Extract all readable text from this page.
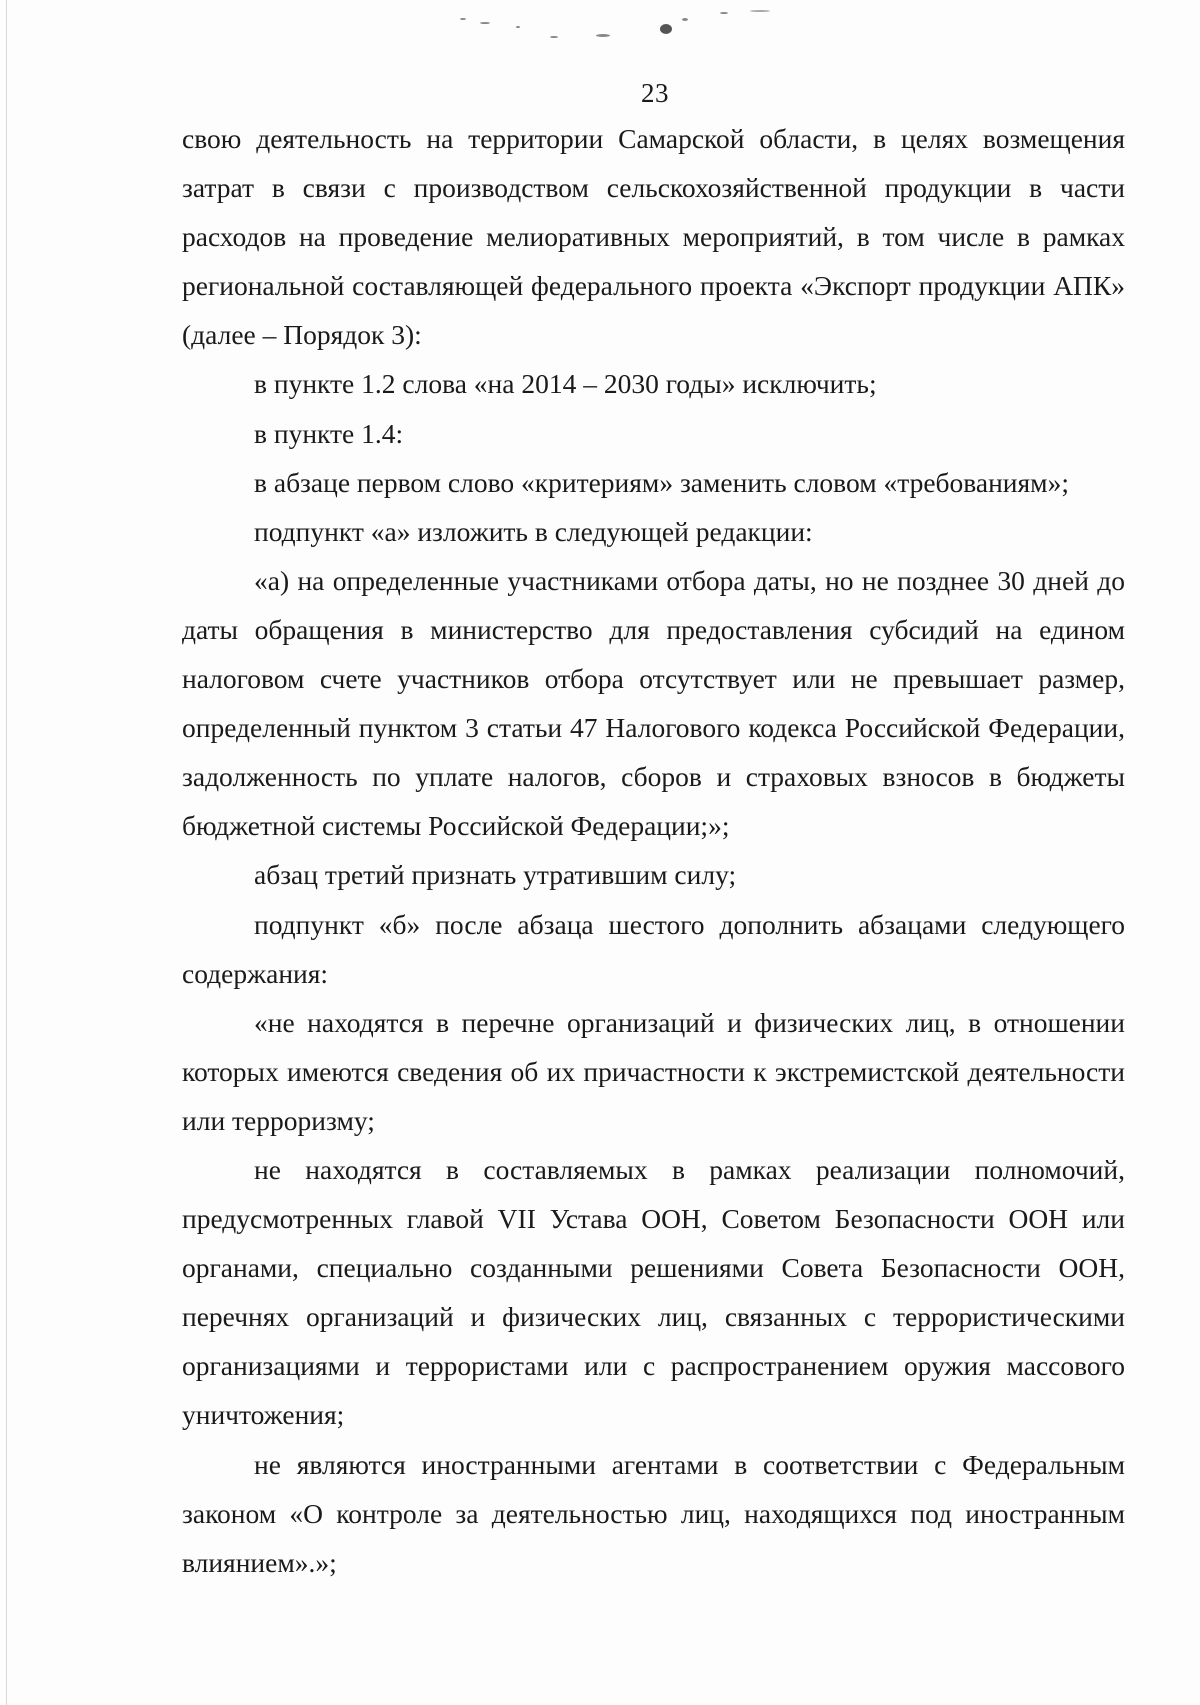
23

свою деятельность на территории Самарской области, в целях возмещения затрат в связи с производством сельскохозяйственной продукции в части расходов на проведение мелиоративных мероприятий, в том числе в рамках региональной составляющей федерального проекта «Экспорт продукции АПК» (далее – Порядок 3):

в пункте 1.2 слова «на 2014 – 2030 годы» исключить;

в пункте 1.4:

в абзаце первом слово «критериям» заменить словом «требованиям»;

подпункт «а» изложить в следующей редакции:

«а) на определенные участниками отбора даты, но не позднее 30 дней до даты обращения в министерство для предоставления субсидий на едином налоговом счете участников отбора отсутствует или не превышает размер, определенный пунктом 3 статьи 47 Налогового кодекса Российской Федерации, задолженность по уплате налогов, сборов и страховых взносов в бюджеты бюджетной системы Российской Федерации;»;

абзац третий признать утратившим силу;

подпункт «б» после абзаца шестого дополнить абзацами следующего содержания:

«не находятся в перечне организаций и физических лиц, в отношении которых имеются сведения об их причастности к экстремистской деятельности или терроризму;

не находятся в составляемых в рамках реализации полномочий, предусмотренных главой VII Устава ООН, Советом Безопасности ООН или органами, специально созданными решениями Совета Безопасности ООН, перечнях организаций и физических лиц, связанных с террористическими организациями и террористами или с распространением оружия массового уничтожения;

не являются иностранными агентами в соответствии с Федеральным законом «О контроле за деятельностью лиц, находящихся под иностранным влиянием».»;
